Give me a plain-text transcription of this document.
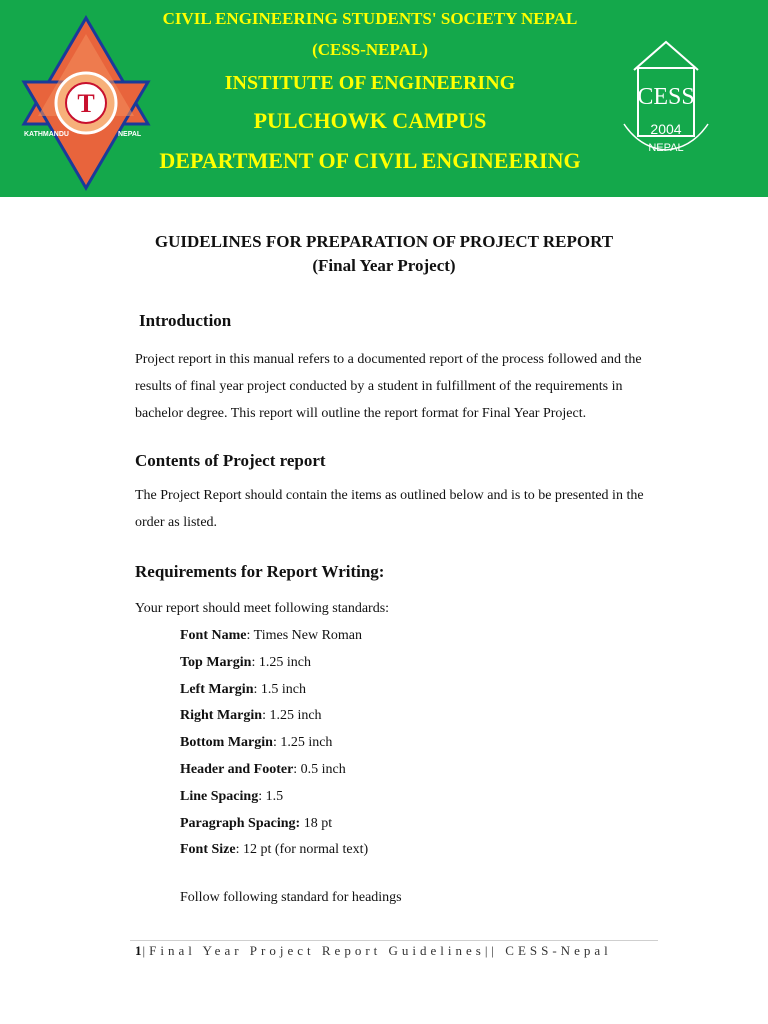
T
KATHMANDU	NEPAL
CIVIL ENGINEERING STUDENTS' SOCIETY NEPAL
(CESS-NEPAL)
INSTITUTE OF ENGINEERING
PULCHOWK CAMPUS
DEPARTMENT OF CIVIL ENGINEERING
CESS
2004
NEPAL
GUIDELINES FOR PREPARATION OF PROJECT REPORT
(Final Year Project)
Introduction
Project report in this manual refers to a documented report of the process followed and the results of final year project conducted by a student in fulfillment of the requirements in bachelor degree. This report will outline the report format for Final Year Project.
Contents of Project report
The Project Report should contain the items as outlined below and is to be presented in the order as listed.
Requirements for Report Writing:
Your report should meet following standards:
Font Name: Times New Roman
Top Margin: 1.25 inch
Left Margin: 1.5 inch
Right Margin: 1.25 inch
Bottom Margin: 1.25 inch
Header and Footer: 0.5 inch
Line Spacing: 1.5
Paragraph Spacing: 18 pt
Font Size: 12 pt (for normal text)
Follow following standard for headings
1|Final Year Project Report Guidelines|| CESS-Nepal
